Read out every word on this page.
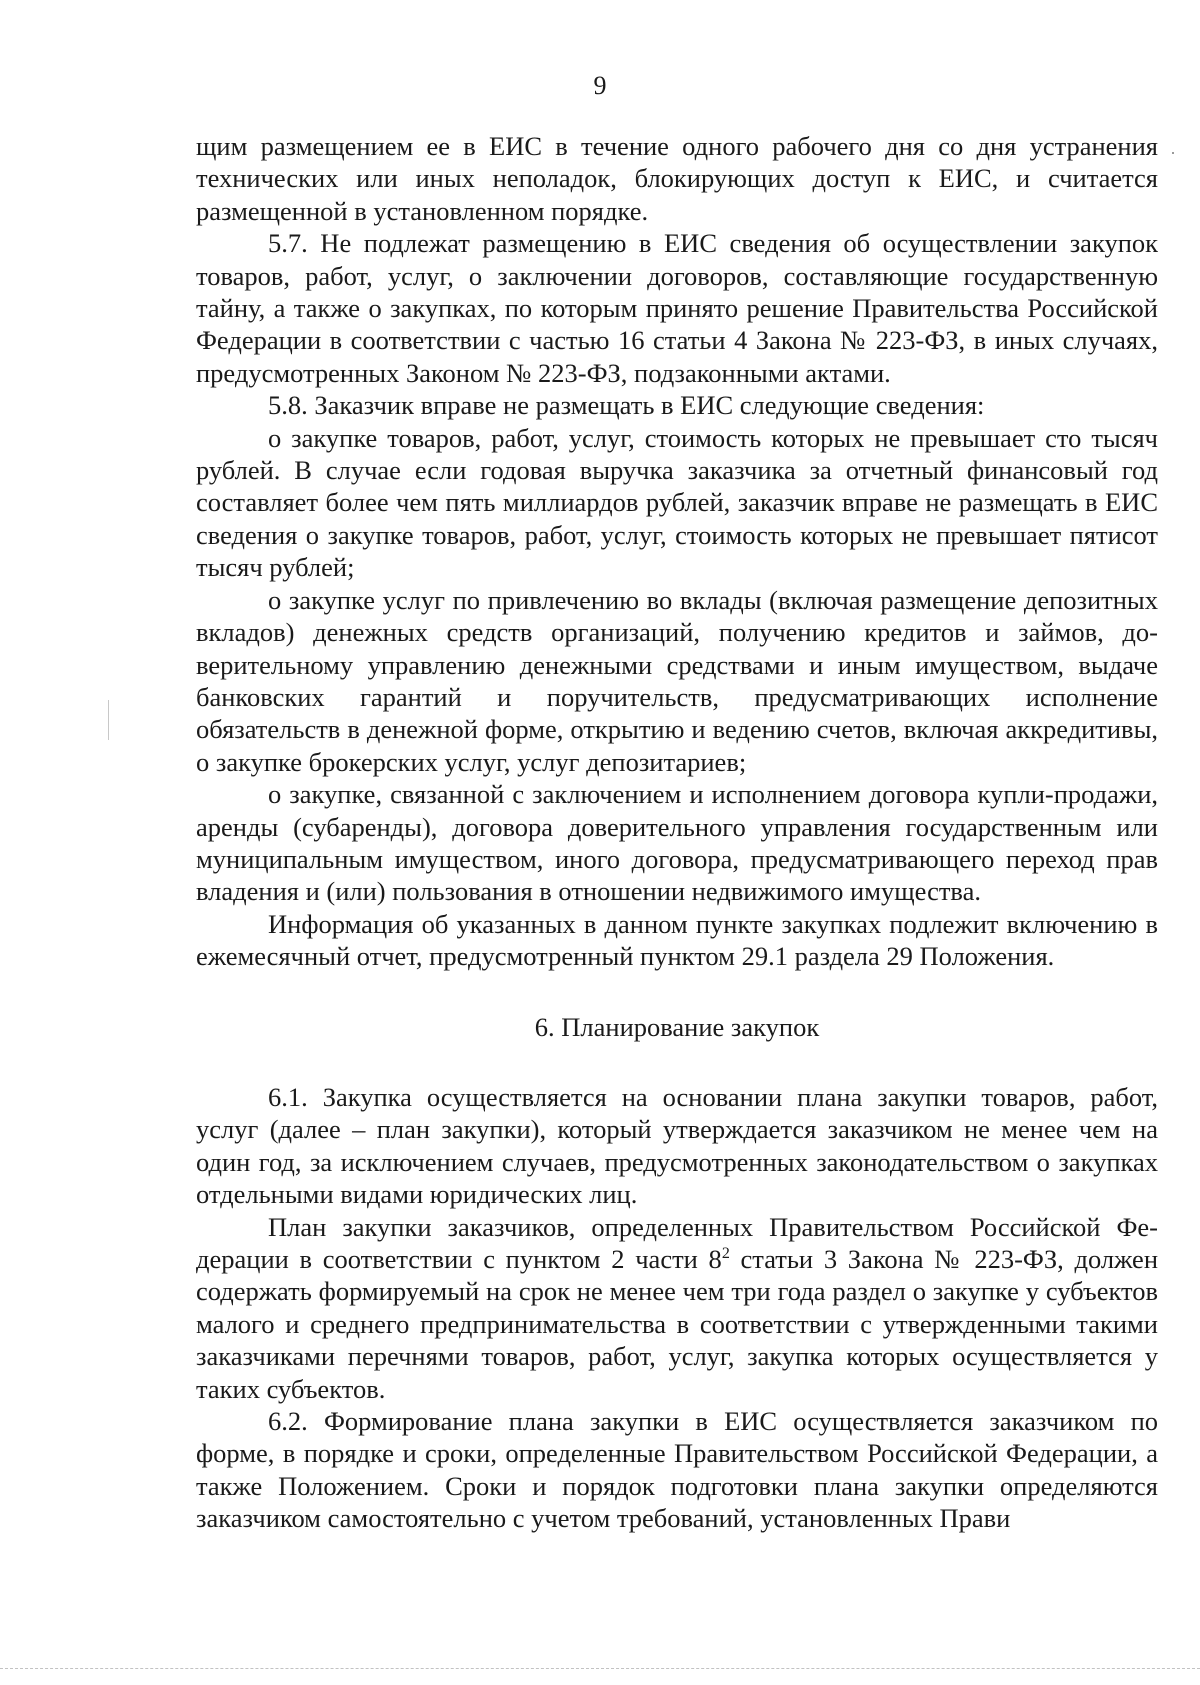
9

щим размещением ее в ЕИС в течение одного рабочего дня со дня устранения технических или иных неполадок, блокирующих доступ к ЕИС, и считается размещенной в установленном порядке.

5.7. Не подлежат размещению в ЕИС сведения об осуществлении закупок товаров, работ, услуг, о заключении договоров, составляющие государственную тайну, а также о закупках, по которым принято решение Правительства Российской Федерации в соответствии с частью 16 статьи 4 Закона № 223-ФЗ, в иных случаях, предусмотренных Законом № 223-ФЗ, подзаконными актами.

5.8. Заказчик вправе не размещать в ЕИС следующие сведения:

о закупке товаров, работ, услуг, стоимость которых не превышает сто тысяч рублей. В случае если годовая выручка заказчика за отчетный финансовый год составляет более чем пять миллиардов рублей, заказчик вправе не размещать в ЕИС сведения о закупке товаров, работ, услуг, стоимость которых не превышает пятисот тысяч рублей;

о закупке услуг по привлечению во вклады (включая размещение депозитных вкладов) денежных средств организаций, получению кредитов и займов, доверительному управлению денежными средствами и иным имуществом, выдаче банковских гарантий и поручительств, предусматривающих исполнение обязательств в денежной форме, открытию и ведению счетов, включая аккредитивы, о закупке брокерских услуг, услуг депозитариев;

о закупке, связанной с заключением и исполнением договора купли-продажи, аренды (субаренды), договора доверительного управления государственным или муниципальным имуществом, иного договора, предусматривающего переход прав владения и (или) пользования в отношении недвижимого имущества.

Информация об указанных в данном пункте закупках подлежит включению в ежемесячный отчет, предусмотренный пунктом 29.1 раздела 29 Положения.

6. Планирование закупок

6.1. Закупка осуществляется на основании плана закупки товаров, работ, услуг (далее – план закупки), который утверждается заказчиком не менее чем на один год, за исключением случаев, предусмотренных законодательством о закупках отдельными видами юридических лиц.

План закупки заказчиков, определенных Правительством Российской Федерации в соответствии с пунктом 2 части $8^2$ статьи 3 Закона № 223-ФЗ, должен содержать формируемый на срок не менее чем три года раздел о закупке у субъектов малого и среднего предпринимательства в соответствии с утвержденными такими заказчиками перечнями товаров, работ, услуг, закупка которых осуществляется у таких субъектов.

6.2. Формирование плана закупки в ЕИС осуществляется заказчиком по форме, в порядке и сроки, определенные Правительством Российской Федерации, а также Положением. Сроки и порядок подготовки плана закупки определяются заказчиком самостоятельно с учетом требований, установленных Прави
